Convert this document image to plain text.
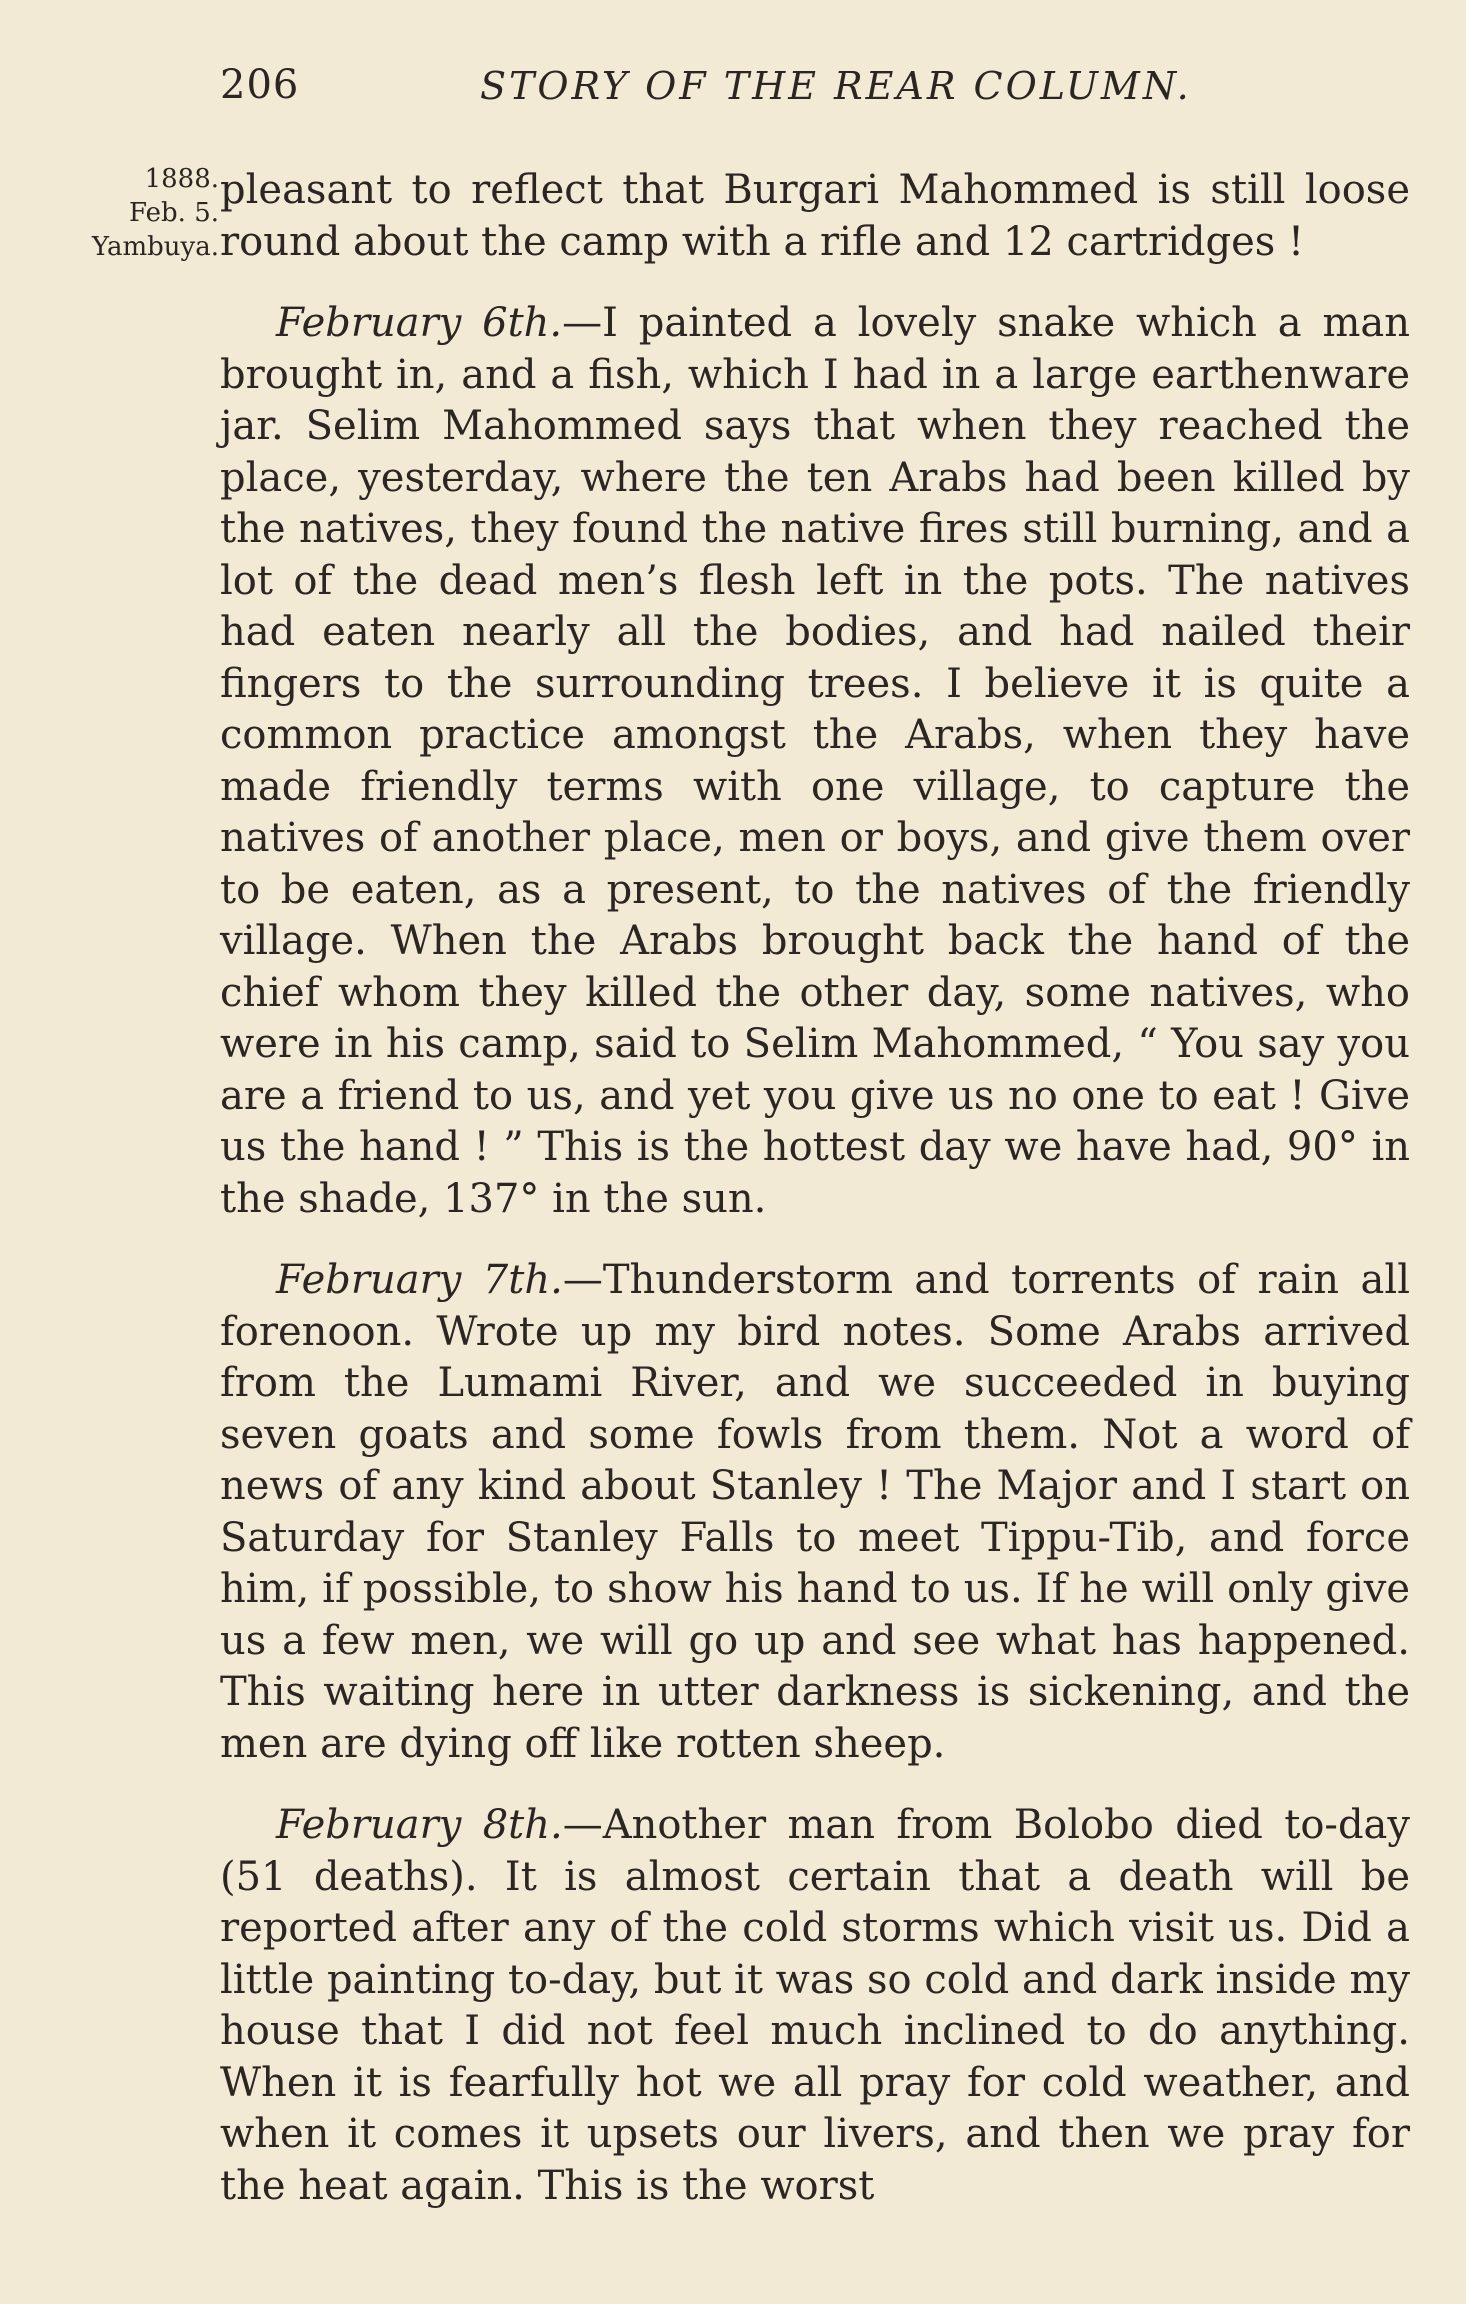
206	STORY OF THE REAR COLUMN.
1888.
Feb. 5.
Yambuya.

pleasant to reflect that Burgari Mahommed is still loose round about the camp with a rifle and 12 cartridges !

February 6th.—I painted a lovely snake which a man brought in, and a fish, which I had in a large earthenware jar. Selim Mahommed says that when they reached the place, yesterday, where the ten Arabs had been killed by the natives, they found the native fires still burning, and a lot of the dead men’s flesh left in the pots. The natives had eaten nearly all the bodies, and had nailed their fingers to the surrounding trees. I believe it is quite a common practice amongst the Arabs, when they have made friendly terms with one village, to capture the natives of another place, men or boys, and give them over to be eaten, as a present, to the natives of the friendly village. When the Arabs brought back the hand of the chief whom they killed the other day, some natives, who were in his camp, said to Selim Mahommed, “ You say you are a friend to us, and yet you give us no one to eat ! Give us the hand ! ” This is the hottest day we have had, 90° in the shade, 137° in the sun.

February 7th.—Thunderstorm and torrents of rain all forenoon. Wrote up my bird notes. Some Arabs arrived from the Lumami River, and we succeeded in buying seven goats and some fowls from them. Not a word of news of any kind about Stanley ! The Major and I start on Saturday for Stanley Falls to meet Tippu-Tib, and force him, if possible, to show his hand to us. If he will only give us a few men, we will go up and see what has happened. This waiting here in utter darkness is sickening, and the men are dying off like rotten sheep.

February 8th.—Another man from Bolobo died to-day (51 deaths). It is almost certain that a death will be reported after any of the cold storms which visit us. Did a little painting to-day, but it was so cold and dark inside my house that I did not feel much inclined to do anything. When it is fearfully hot we all pray for cold weather, and when it comes it upsets our livers, and then we pray for the heat again. This is the worst
